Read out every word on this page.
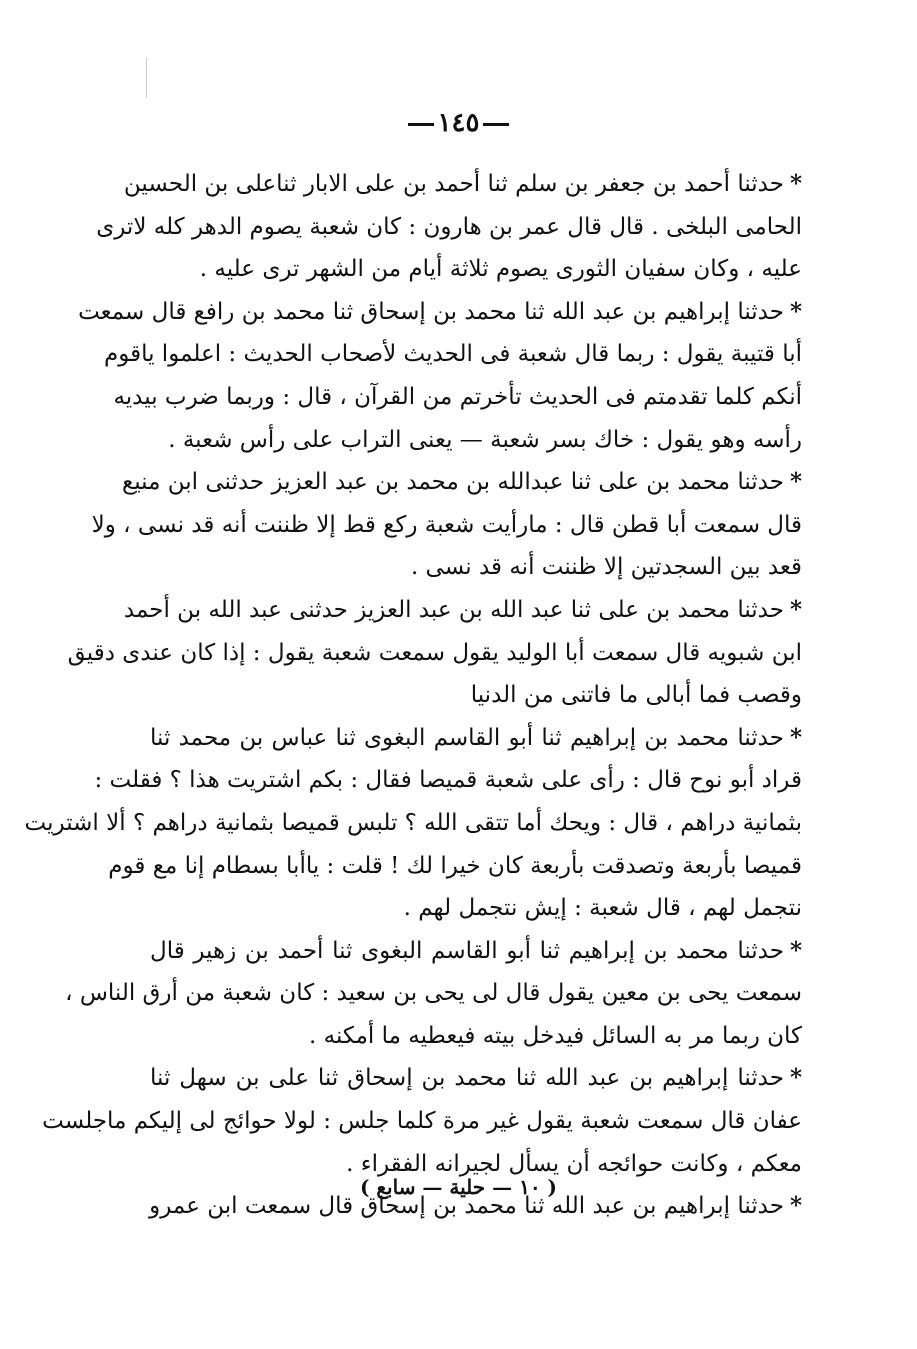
١٤٥
*حدثنا أحمد بن جعفر بن سلم ثنا أحمد بن على الابار ثناعلى بن الحسين
الحامى البلخى . قال قال عمر بن هارون : كان شعبة يصوم الدهر كله لاترى
عليه ، وكان سفيان الثورى يصوم ثلاثة أيام من الشهر ترى عليه .
*حدثنا إبراهيم بن عبد الله ثنا محمد بن إسحاق ثنا محمد بن رافع قال سمعت
أبا قتيبة يقول : ربما قال شعبة فى الحديث لأصحاب الحديث : اعلموا ياقوم
أنكم كلما تقدمتم فى الحديث تأخرتم من القرآن ، قال : وربما ضرب بيديه
رأسه وهو يقول : خاك بسر شعبة — يعنى التراب على رأس شعبة .
*حدثنا محمد بن على ثنا عبدالله بن محمد بن عبد العزيز حدثنى ابن منيع
قال سمعت أبا قطن قال : مارأيت شعبة ركع قط إلا ظننت أنه قد نسى ، ولا
قعد بين السجدتين إلا ظننت أنه قد نسى .
*حدثنا محمد بن على ثنا عبد الله بن عبد العزيز حدثنى عبد الله بن أحمد
ابن شبويه قال سمعت أبا الوليد يقول سمعت شعبة يقول : إذا كان عندى دقيق
وقصب فما أبالى ما فاتنى من الدنيا
*حدثنا محمد بن إبراهيم ثنا أبو القاسم البغوى ثنا عباس بن محمد ثنا
قراد أبو نوح قال : رأى على شعبة قميصا فقال : بكم اشتريت هذا ؟ فقلت :
بثمانية دراهم ، قال : ويحك أما تتقى الله ؟ تلبس قميصا بثمانية دراهم ؟ ألا اشتريت
قميصا بأربعة وتصدقت بأربعة كان خيرا لك ! قلت : ياأبا بسطام إنا مع قوم
نتجمل لهم ، قال شعبة : إيش نتجمل لهم .
*حدثنا محمد بن إبراهيم ثنا أبو القاسم البغوى ثنا أحمد بن زهير قال
سمعت يحى بن معين يقول قال لى يحى بن سعيد : كان شعبة من أرق الناس ،
كان ربما مر به السائل فيدخل بيته فيعطيه ما أمكنه .
*حدثنا إبراهيم بن عبد الله ثنا محمد بن إسحاق ثنا على بن سهل ثنا
عفان قال سمعت شعبة يقول غير مرة كلما جلس : لولا حوائج لى إليكم ماجلست
معكم ، وكانت حوائجه أن يسأل لجيرانه الفقراء .
*حدثنا إبراهيم بن عبد الله ثنا محمد بن إسحاق قال سمعت ابن عمرو
( ١٠ — حلية — سابع )
